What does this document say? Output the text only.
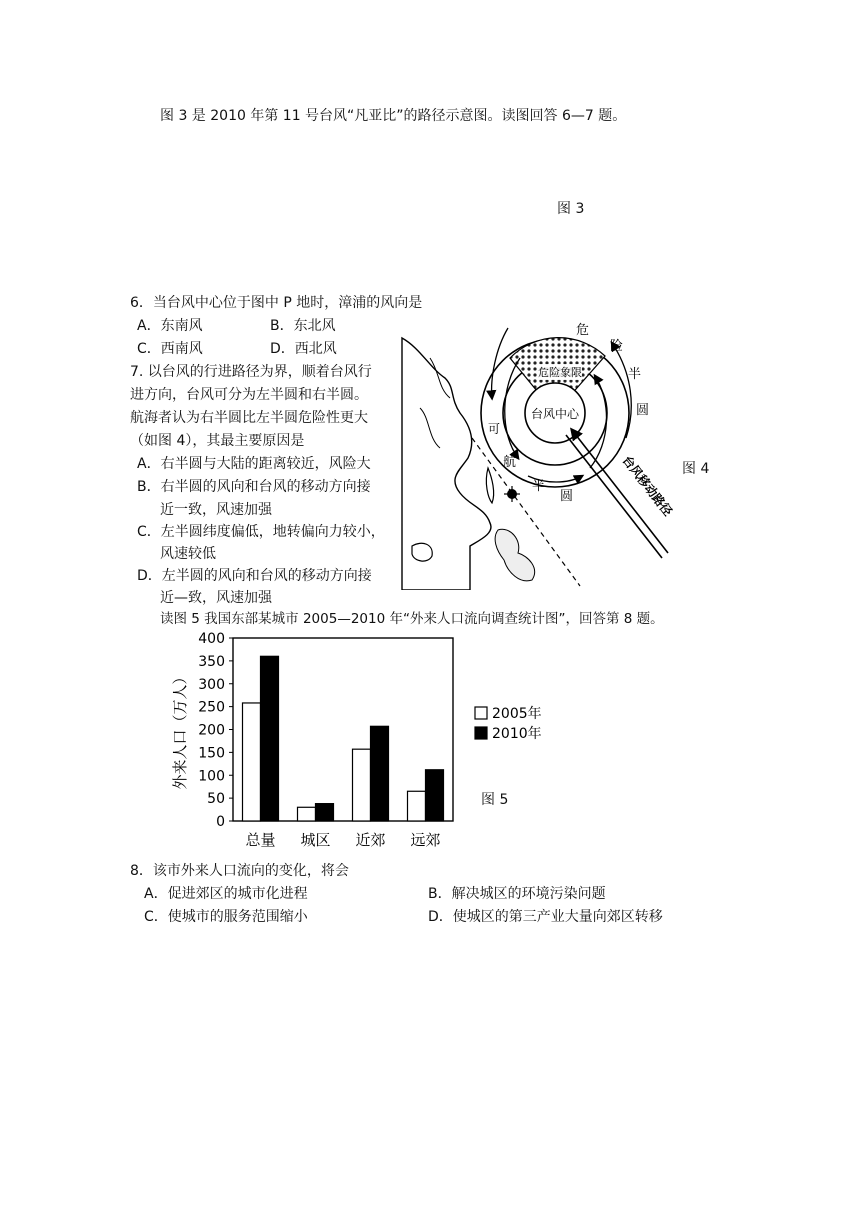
图 3 是 2010 年第 11 号台风“凡亚比”的路径示意图。读图回答 6—7 题。
图 3
6．当台风中心位于图中 P 地时，漳浦的风向是
A．东南风	B．东北风
C．西南风	D．西北风
7. 以台风的行进路径为界，顺着台风行
进方向，台风可分为左半圆和右半圆。
航海者认为右半圆比左半圆危险性更大
（如图 4），其最主要原因是
A．右半圆与大陆的距离较近，风险大
B．右半圆的风向和台风的移动方向接
近一致，风速加强
C．左半圆纬度偏低，地转偏向力较小，
风速较低
D．左半圆的风向和台风的移动方向接
近—致，风速加强
危险象限
台风中心
危
险
半
圆
可
航
半
圆	台风移动路径 图 4
读图 5 我国东部某城市 2005—2010 年“外来人口流向调查统计图”，回答第 8 题。
0
50
100
150
200
250
300
350
400
外来人口（万人）
总量 城区 近郊 远郊
2005年
2010年
图 5
8．该市外来人口流向的变化，将会
A．促进郊区的城市化进程	B．解决城区的环境污染问题
C．使城市的服务范围缩小	D．使城区的第三产业大量向郊区转移
